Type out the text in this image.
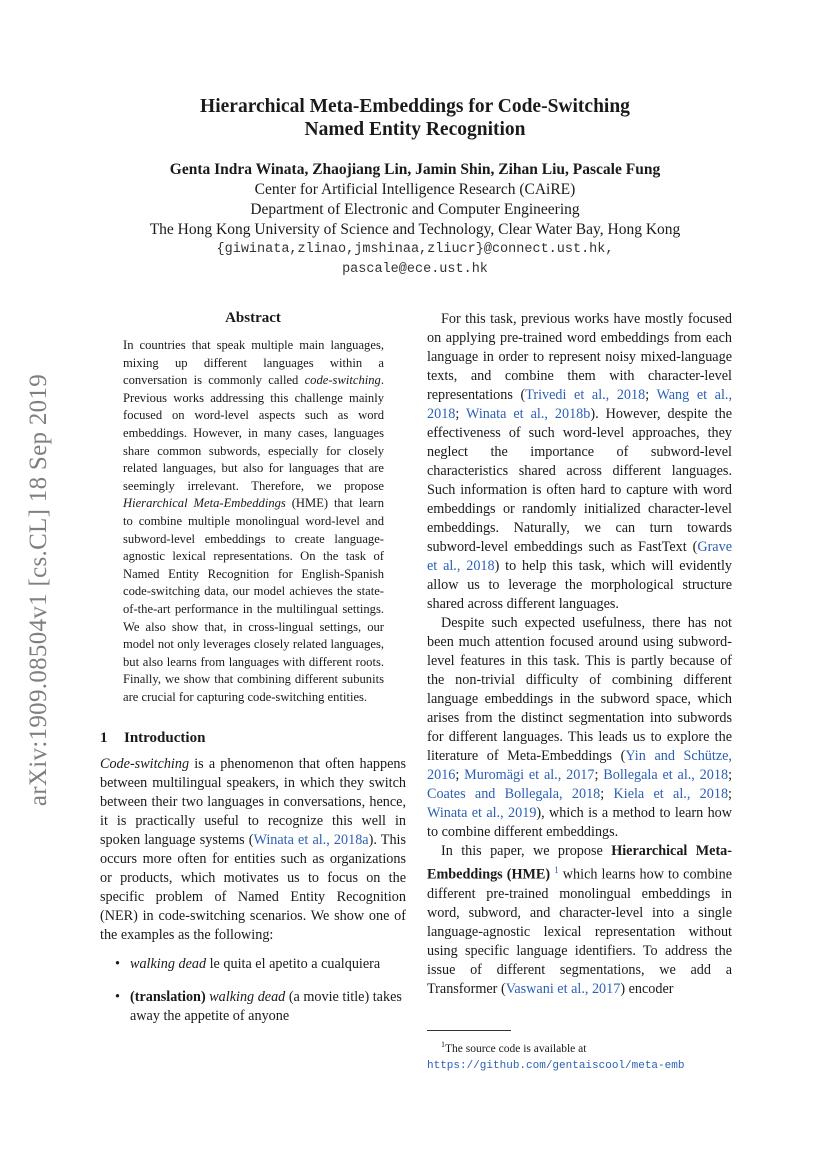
arXiv:1909.08504v1 [cs.CL] 18 Sep 2019
Hierarchical Meta-Embeddings for Code-Switching
Named Entity Recognition
Genta Indra Winata, Zhaojiang Lin, Jamin Shin, Zihan Liu, Pascale Fung
Center for Artificial Intelligence Research (CAiRE)
Department of Electronic and Computer Engineering
The Hong Kong University of Science and Technology, Clear Water Bay, Hong Kong
{giwinata,zlinao,jmshinaa,zliucr}@connect.ust.hk,
pascale@ece.ust.hk
Abstract

In countries that speak multiple main languages, mixing up different languages within a conversation is commonly called code-switching. Previous works addressing this challenge mainly focused on word-level aspects such as word embeddings. However, in many cases, languages share common subwords, especially for closely related languages, but also for languages that are seemingly irrelevant. Therefore, we propose Hierarchical Meta-Embeddings (HME) that learn to combine multiple monolingual word-level and subword-level embeddings to create language-agnostic lexical representations. On the task of Named Entity Recognition for English-Spanish code-switching data, our model achieves the state-of-the-art performance in the multilingual settings. We also show that, in cross-lingual settings, our model not only leverages closely related languages, but also learns from languages with different roots. Finally, we show that combining different subunits are crucial for capturing code-switching entities.

1 Introduction

Code-switching is a phenomenon that often happens between multilingual speakers, in which they switch between their two languages in conversations, hence, it is practically useful to recognize this well in spoken language systems (Winata et al., 2018a). This occurs more often for entities such as organizations or products, which motivates us to focus on the specific problem of Named Entity Recognition (NER) in code-switching scenarios. We show one of the examples as the following:

• walking dead le quita el apetito a cualquiera
• (translation) walking dead (a movie title) takes away the appetite of anyone

For this task, previous works have mostly focused on applying pre-trained word embeddings from each language in order to represent noisy mixed-language texts, and combine them with character-level representations (Trivedi et al., 2018; Wang et al., 2018; Winata et al., 2018b). However, despite the effectiveness of such word-level approaches, they neglect the importance of subword-level characteristics shared across different languages. Such information is often hard to capture with word embeddings or randomly initialized character-level embeddings. Naturally, we can turn towards subword-level embeddings such as FastText (Grave et al., 2018) to help this task, which will evidently allow us to leverage the morphological structure shared across different languages.

Despite such expected usefulness, there has not been much attention focused around using subword-level features in this task. This is partly because of the non-trivial difficulty of combining different language embeddings in the subword space, which arises from the distinct segmentation into subwords for different languages. This leads us to explore the literature of Meta-Embeddings (Yin and Schütze, 2016; Muromägi et al., 2017; Bollegala et al., 2018; Coates and Bollegala, 2018; Kiela et al., 2018; Winata et al., 2019), which is a method to learn how to combine different embeddings.

In this paper, we propose Hierarchical Meta-Embeddings (HME) $^1$ which learns how to combine different pre-trained monolingual embeddings in word, subword, and character-level into a single language-agnostic lexical representation without using specific language identifiers. To address the issue of different segmentations, we add a Transformer (Vaswani et al., 2017) encoder

$^1$The source code is available at https://github.com/gentaiscool/meta-emb
